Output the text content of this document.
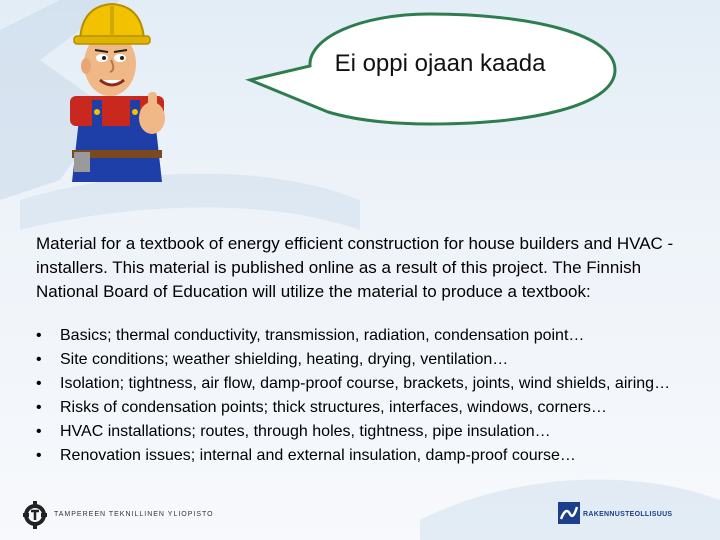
Ei oppi ojaan kaada

Material for a textbook of energy efficient construction for house builders and HVAC -installers. This material is published online as a result of this project. The Finnish National Board of Education will utilize the material to produce a textbook:

• Basics; thermal conductivity, transmission, radiation, condensation point…
• Site conditions; weather shielding, heating, drying, ventilation…
• Isolation; tightness, air flow, damp-proof course, brackets, joints, wind shields, airing…
• Risks of condensation points; thick structures, interfaces, windows, corners…
• HVAC installations; routes, through holes, tightness, pipe insulation…
• Renovation issues; internal and external insulation, damp-proof course…
TAMPEREEN TEKNILLINEN YLIOPISTO	RAKENNUSTEOLLISUUS
